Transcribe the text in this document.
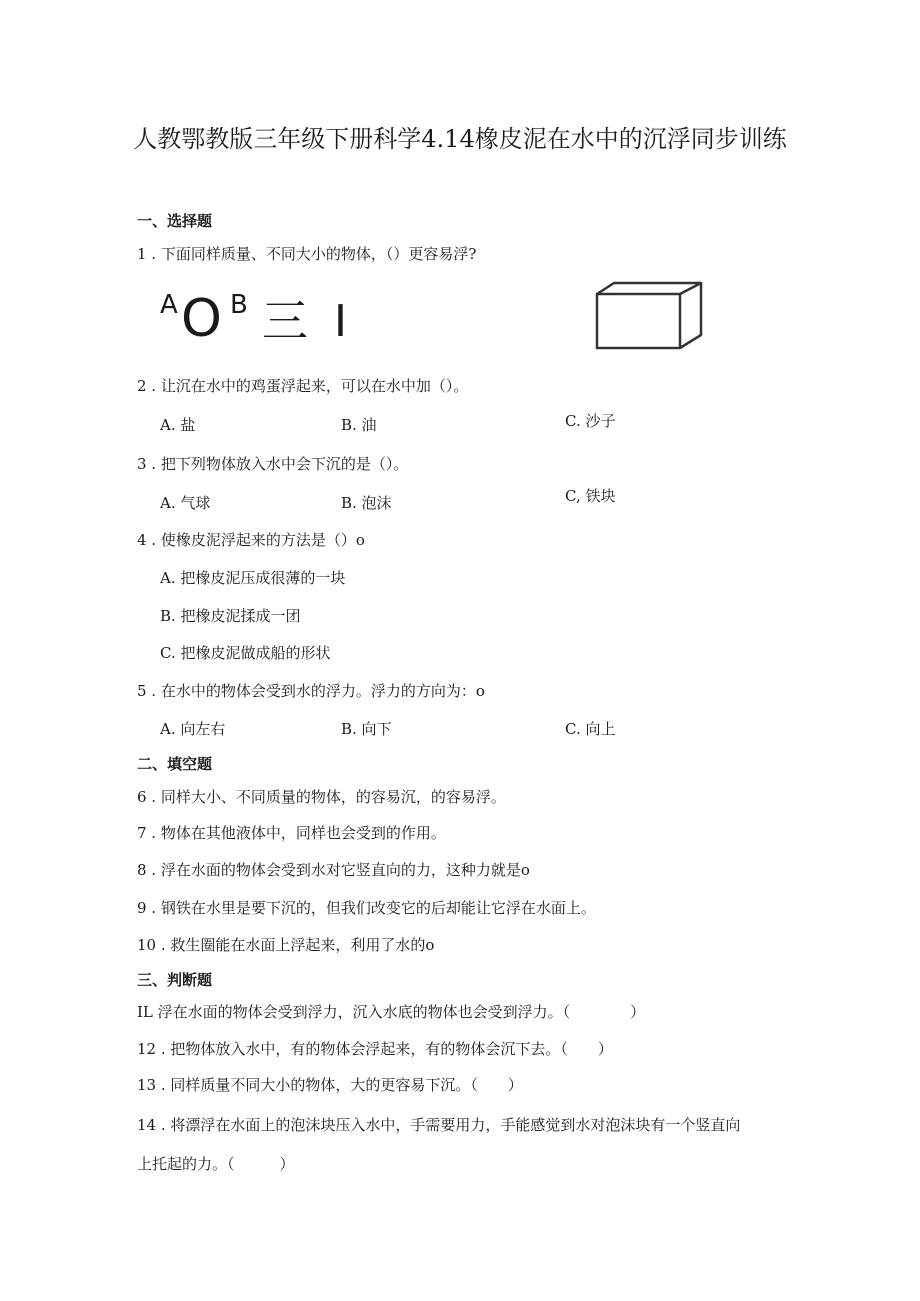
人教鄂教版三年级下册科学4.14橡皮泥在水中的沉浮同步训练
一、选择题
1 . 下面同样质量、不同大小的物体，（）更容易浮?
A O B 三 I
2 . 让沉在水中的鸡蛋浮起来，可以在水中加（）。
A. 盐	B. 油	C. 沙子
3 . 把下列物体放入水中会下沉的是（）。
A. 气球	B. 泡沫	C, 铁块
4 . 使橡皮泥浮起来的方法是（）o
A. 把橡皮泥压成很薄的一块
B. 把橡皮泥揉成一团
C. 把橡皮泥做成船的形状
5 . 在水中的物体会受到水的浮力。浮力的方向为：o
A. 向左右	B. 向下	C. 向上
二、填空题
6 . 同样大小、不同质量的物体，的容易沉，的容易浮。
7 . 物体在其他液体中，同样也会受到的作用。
8 . 浮在水面的物体会受到水对它竖直向的力，这种力就是o
9 . 钢铁在水里是要下沉的，但我们改变它的后却能让它浮在水面上。
10 . 救生圈能在水面上浮起来，利用了水的o
三、判断题
IL 浮在水面的物体会受到浮力，沉入水底的物体也会受到浮力。（　　　　）
12 . 把物体放入水中，有的物体会浮起来，有的物体会沉下去。（　　）
13 . 同样质量不同大小的物体，大的更容易下沉。（　　）
14 . 将漂浮在水面上的泡沫块压入水中，手需要用力，手能感觉到水对泡沫块有一个竖直向
上托起的力。（　　　）
